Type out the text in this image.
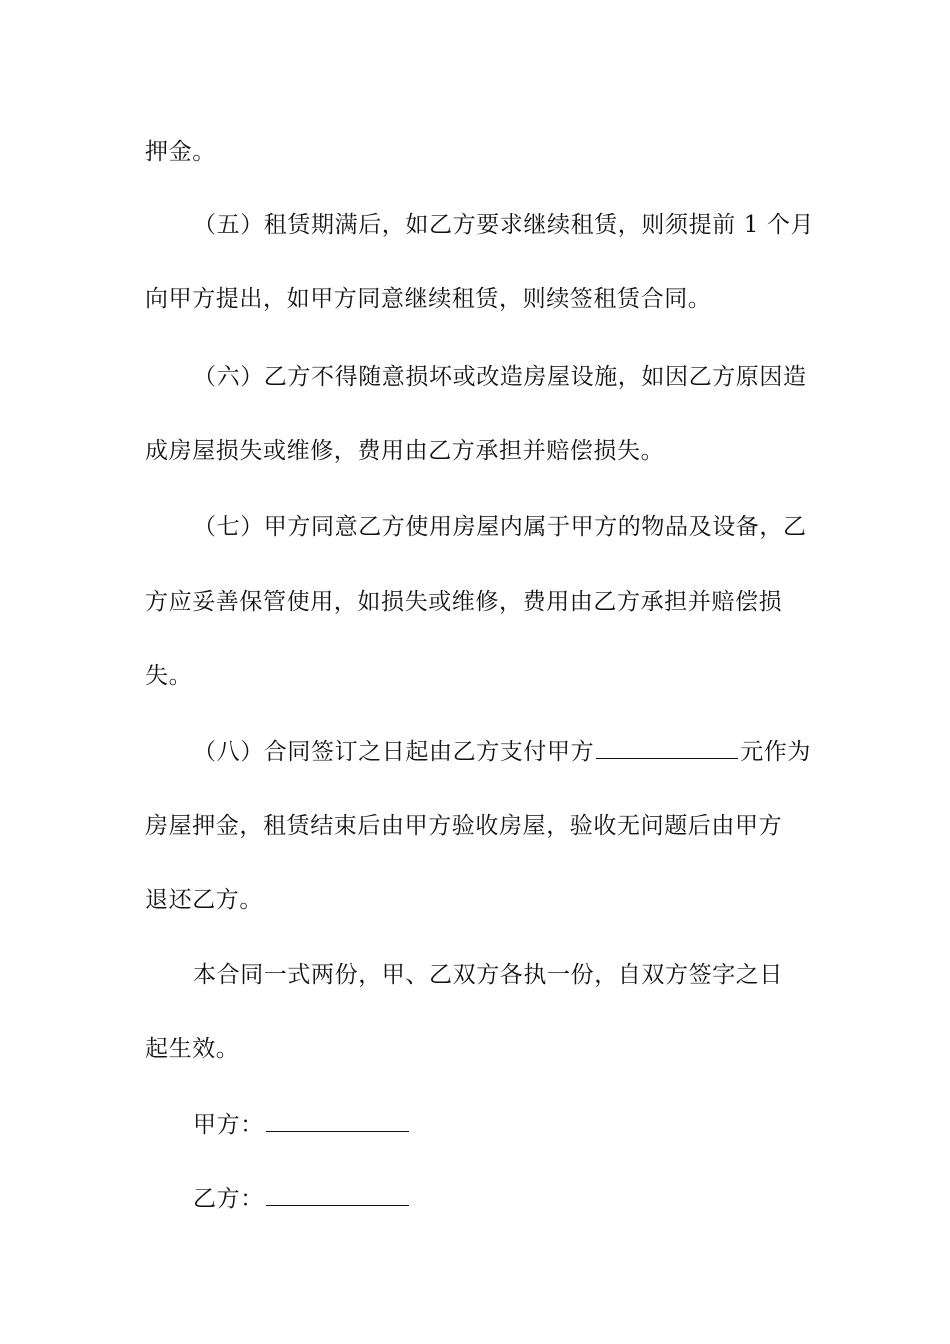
押金。
（五）租赁期满后，如乙方要求继续租赁，则须提前 1 个月
向甲方提出，如甲方同意继续租赁，则续签租赁合同。
（六）乙方不得随意损坏或改造房屋设施，如因乙方原因造
成房屋损失或维修，费用由乙方承担并赔偿损失。
（七）甲方同意乙方使用房屋内属于甲方的物品及设备，乙
方应妥善保管使用，如损失或维修，费用由乙方承担并赔偿损
失。
（八）合同签订之日起由乙方支付甲方	元作为
房屋押金，租赁结束后由甲方验收房屋，验收无问题后由甲方
退还乙方。
本合同一式两份，甲、乙双方各执一份，自双方签字之日
起生效。
甲方：
乙方：
